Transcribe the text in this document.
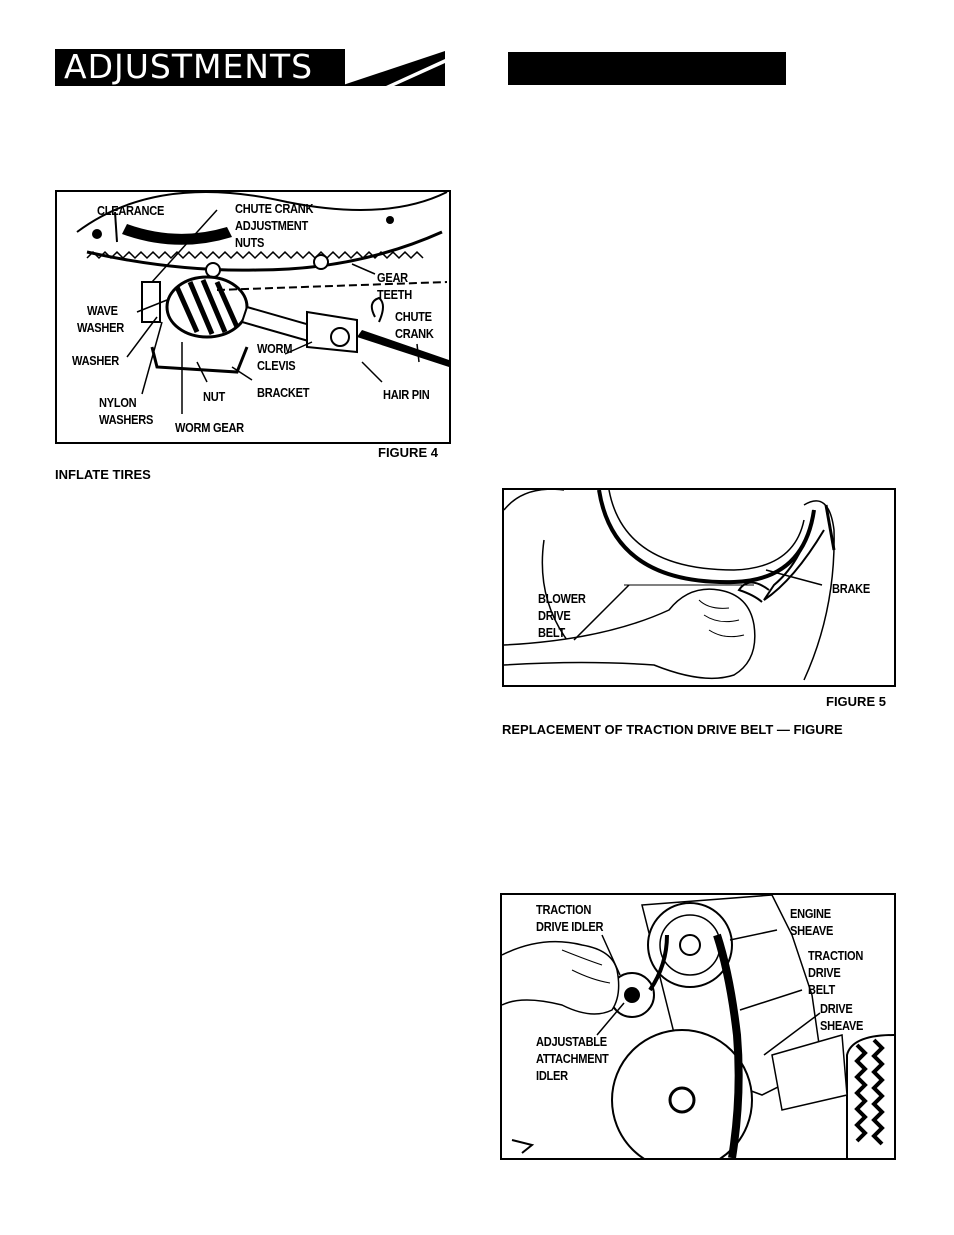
ADJUSTMENTS
CLEARANCE	CHUTE CRANK
ADJUSTMENT
NUTS
GEAR
TEETH
WAVE
WASHER
CHUTE
CRANK
WORM
CLEVIS
WASHER
NUT BRACKET	HAIR PIN
NYLON
WASHERS
WORM GEAR
FIGURE 4
INFLATE TIRES
BLOWER
DRIVE
BELT
BRAKE
FIGURE 5
REPLACEMENT OF TRACTION DRIVE BELT — FIGURE
TRACTION
DRIVE IDLER
ENGINE
SHEAVE
TRACTION
DRIVE
BELT
DRIVE
SHEAVE
ADJUSTABLE
ATTACHMENT
IDLER
